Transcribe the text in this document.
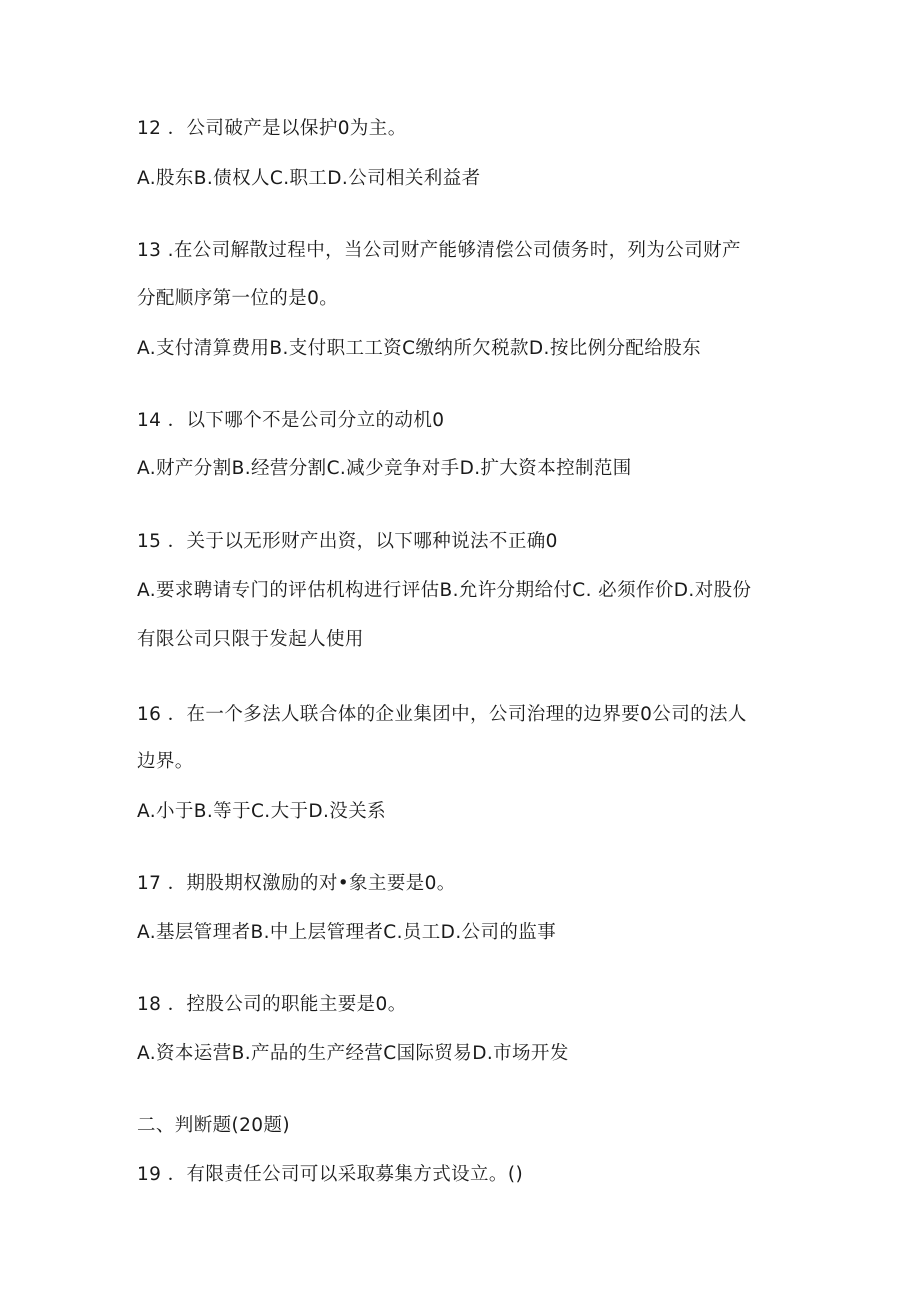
12 ．公司破产是以保护0为主。

A.股东B.债权人C.职工D.公司相关利益者

13 .在公司解散过程中，当公司财产能够清偿公司债务时，列为公司财产

分配顺序第一位的是0。

A.支付清算费用B.支付职工工资C缴纳所欠税款D.按比例分配给股东

14 ．以下哪个不是公司分立的动机0

A.财产分割B.经营分割C.减少竞争对手D.扩大资本控制范围

15 ．关于以无形财产出资，以下哪种说法不正确0

A.要求聘请专门的评估机构进行评估B.允许分期给付C. 必须作价D.对股份

有限公司只限于发起人使用

16 ．在一个多法人联合体的企业集团中，公司治理的边界要0公司的法人

边界。

A.小于B.等于C.大于D.没关系

17 ．期股期权激励的对•象主要是0。

A.基层管理者B.中上层管理者C.员工D.公司的监事

18 ．控股公司的职能主要是0。

A.资本运营B.产品的生产经营C国际贸易D.市场开发

二、判断题(20题)

19 ．有限责任公司可以采取募集方式设立。()
